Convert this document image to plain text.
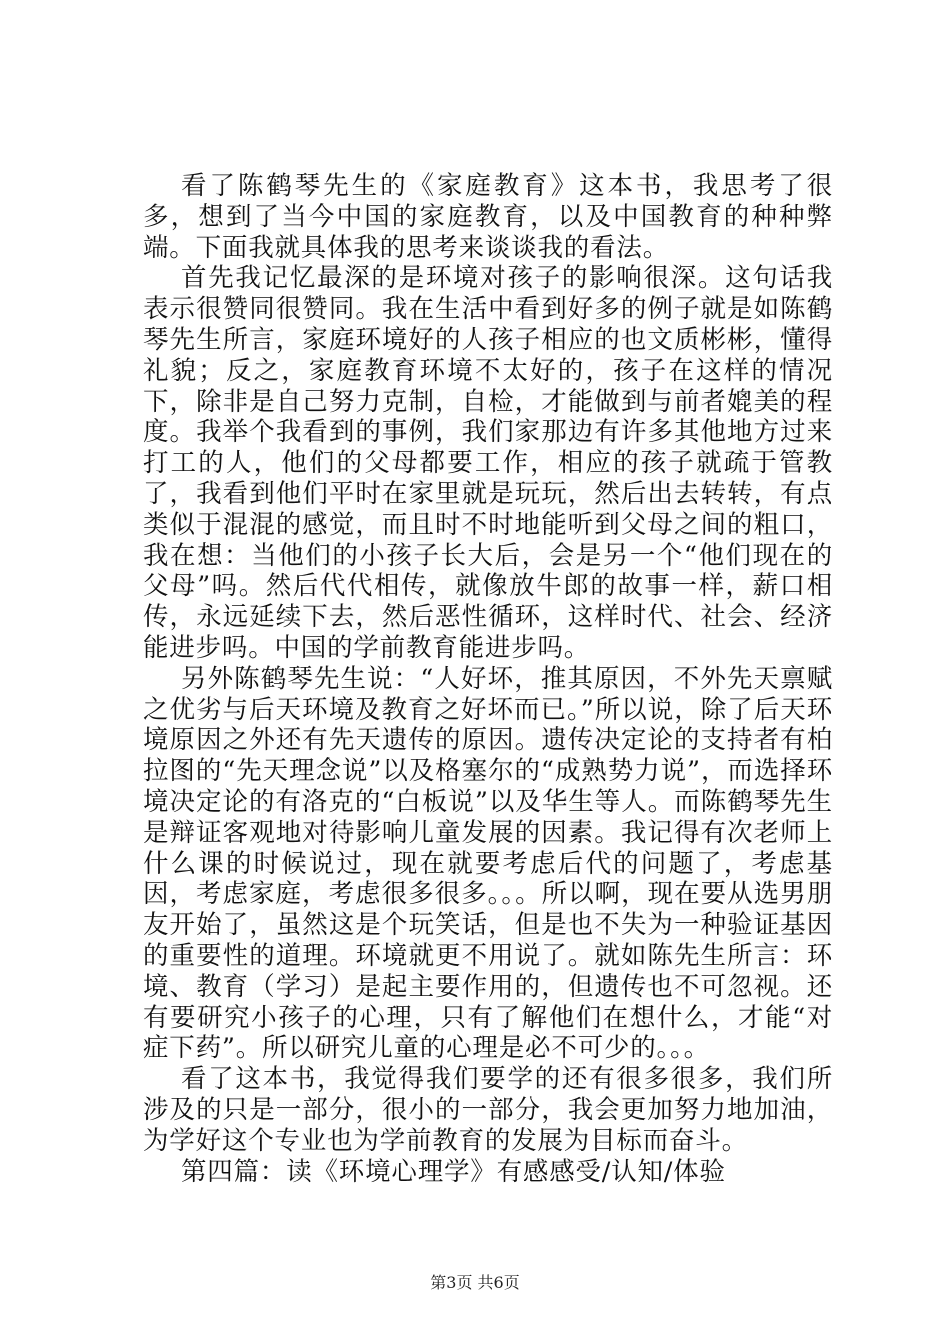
看了陈鹤琴先生的《家庭教育》这本书，我思考了很多，想到了当今中国的家庭教育，以及中国教育的种种弊端。下面我就具体我的思考来谈谈我的看法。

首先我记忆最深的是环境对孩子的影响很深。这句话我表示很赞同很赞同。我在生活中看到好多的例子就是如陈鹤琴先生所言，家庭环境好的人孩子相应的也文质彬彬，懂得礼貌；反之，家庭教育环境不太好的，孩子在这样的情况下，除非是自己努力克制，自检，才能做到与前者媲美的程度。我举个我看到的事例，我们家那边有许多其他地方过来打工的人，他们的父母都要工作，相应的孩子就疏于管教了，我看到他们平时在家里就是玩玩，然后出去转转，有点类似于混混的感觉，而且时不时地能听到父母之间的粗口，我在想：当他们的小孩子长大后，会是另一个“他们现在的父母”吗。然后代代相传，就像放牛郎的故事一样，薪口相传，永远延续下去，然后恶性循环，这样时代、社会、经济能进步吗。中国的学前教育能进步吗。

另外陈鹤琴先生说：“人好坏，推其原因，不外先天禀赋之优劣与后天环境及教育之好坏而已。”所以说，除了后天环境原因之外还有先天遗传的原因。遗传决定论的支持者有柏拉图的“先天理念说”以及格塞尔的“成熟势力说”，而选择环境决定论的有洛克的“白板说”以及华生等人。而陈鹤琴先生是辩证客观地对待影响儿童发展的因素。我记得有次老师上什么课的时候说过，现在就要考虑后代的问题了，考虑基因，考虑家庭，考虑很多很多。。。所以啊，现在要从选男朋友开始了，虽然这是个玩笑话，但是也不失为一种验证基因的重要性的道理。环境就更不用说了。就如陈先生所言：环境、教育（学习）是起主要作用的，但遗传也不可忽视。还有要研究小孩子的心理，只有了解他们在想什么，才能“对症下药”。所以研究儿童的心理是必不可少的。。。

看了这本书，我觉得我们要学的还有很多很多，我们所涉及的只是一部分，很小的一部分，我会更加努力地加油，为学好这个专业也为学前教育的发展为目标而奋斗。

第四篇：读《环境心理学》有感感受/认知/体验

第3页 共6页
